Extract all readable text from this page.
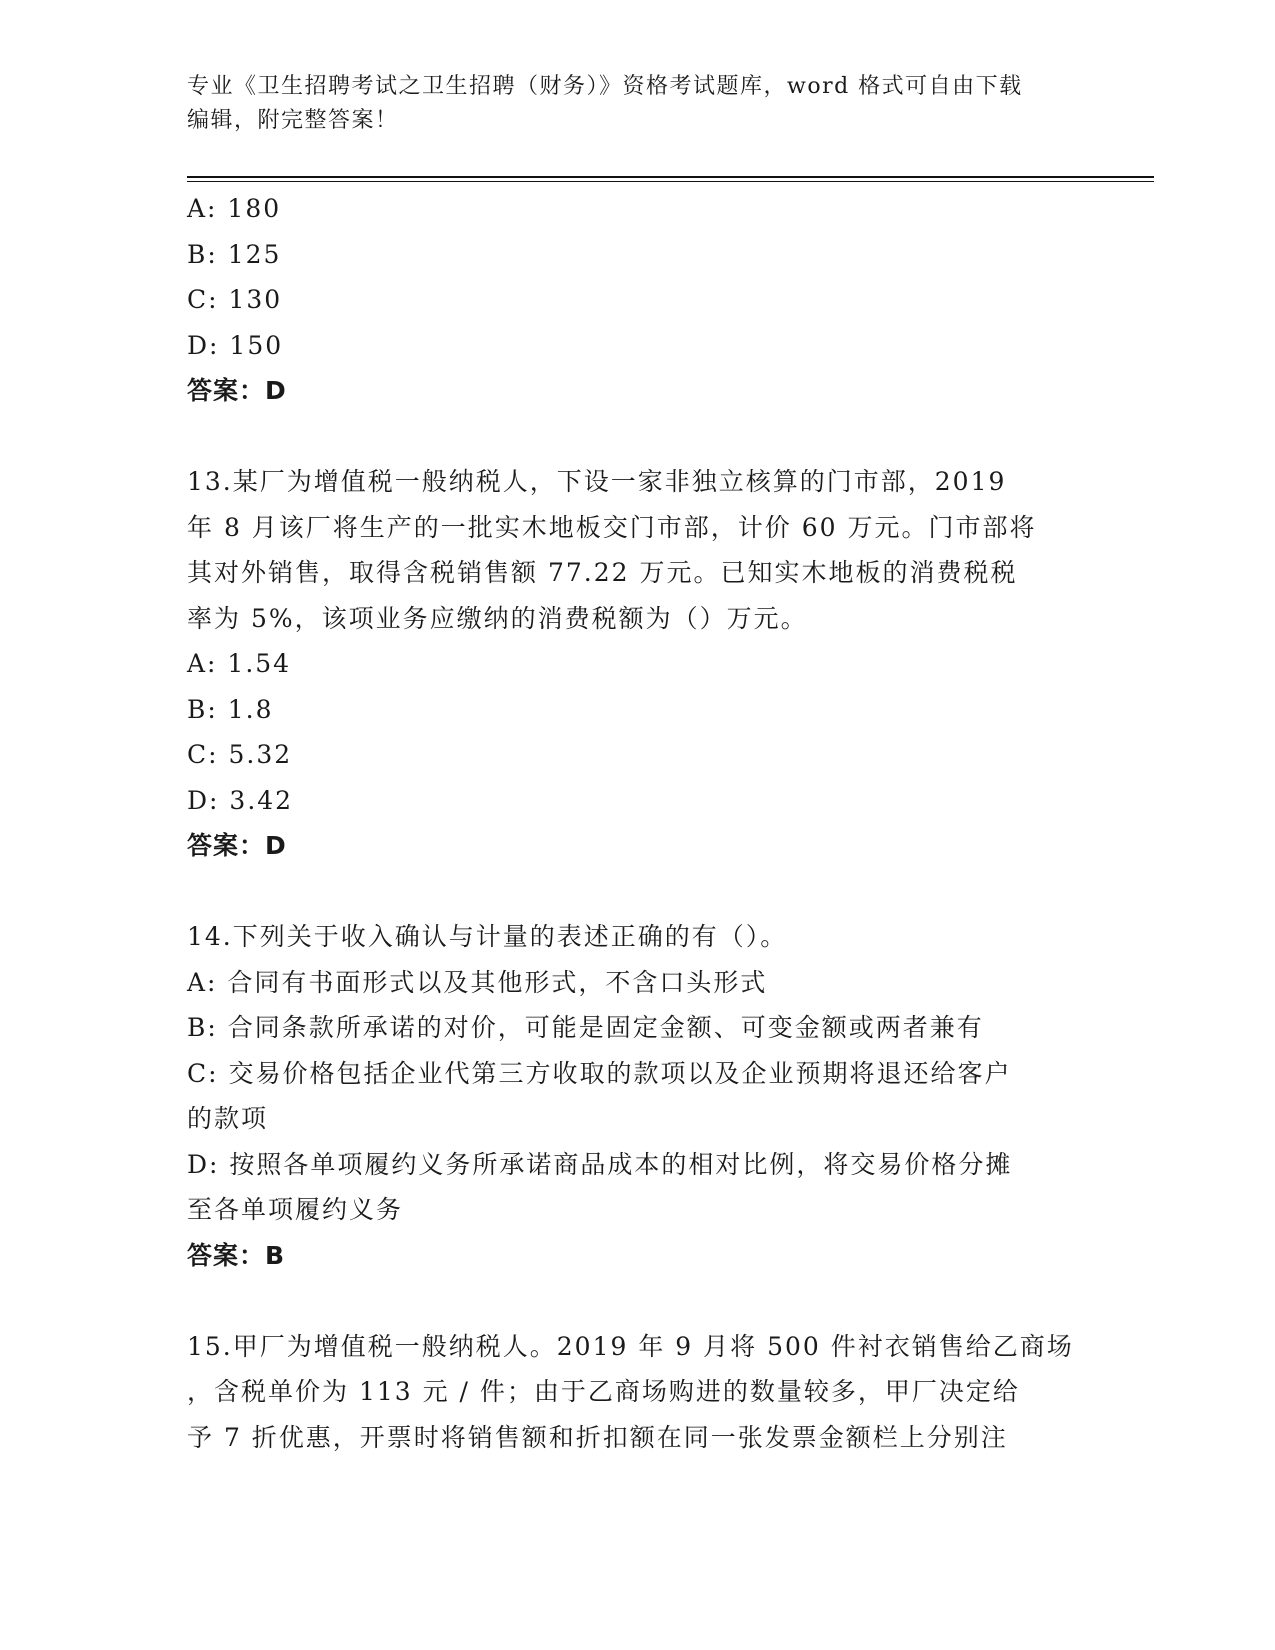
专业《卫生招聘考试之卫生招聘（财务）》资格考试题库，word 格式可自由下载
编辑，附完整答案！

A: 180

B: 125

C: 130

D: 150

答案：D

13.某厂为增值税一般纳税人，下设一家非独立核算的门市部，2019

年 8 月该厂将生产的一批实木地板交门市部，计价 60 万元。门市部将

其对外销售，取得含税销售额 77.22 万元。已知实木地板的消费税税

率为 5%，该项业务应缴纳的消费税额为（）万元。

A: 1.54

B: 1.8

C: 5.32

D: 3.42

答案：D

14.下列关于收入确认与计量的表述正确的有（）。

A: 合同有书面形式以及其他形式，不含口头形式

B: 合同条款所承诺的对价，可能是固定金额、可变金额或两者兼有

C: 交易价格包括企业代第三方收取的款项以及企业预期将退还给客户

的款项

D: 按照各单项履约义务所承诺商品成本的相对比例，将交易价格分摊

至各单项履约义务

答案：B

15.甲厂为增值税一般纳税人。2019 年 9 月将 500 件衬衣销售给乙商场

，含税单价为 113 元 / 件；由于乙商场购进的数量较多，甲厂决定给

予 7 折优惠，开票时将销售额和折扣额在同一张发票金额栏上分别注
